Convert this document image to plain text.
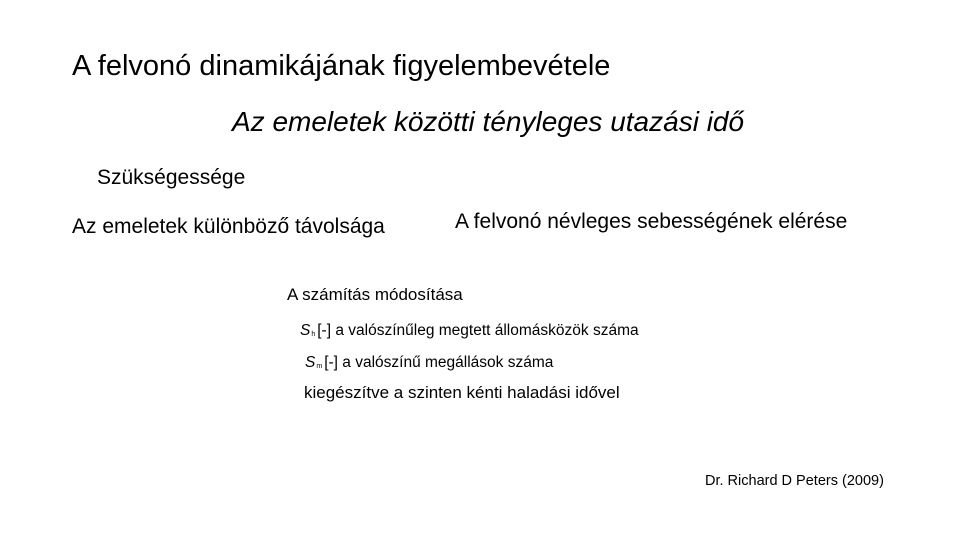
A felvonó dinamikájának figyelembevétele
Az emeletek közötti tényleges utazási idő
Szükségessége
Az emeletek különböző távolsága	A felvonó névleges sebességének elérése
A számítás módosítása
Sh [-] a valószínűleg megtett állomásközök száma
Sm [-] a valószínű megállások száma
kiegészítve a szinten kénti haladási idővel
Dr. Richard D Peters (2009)
